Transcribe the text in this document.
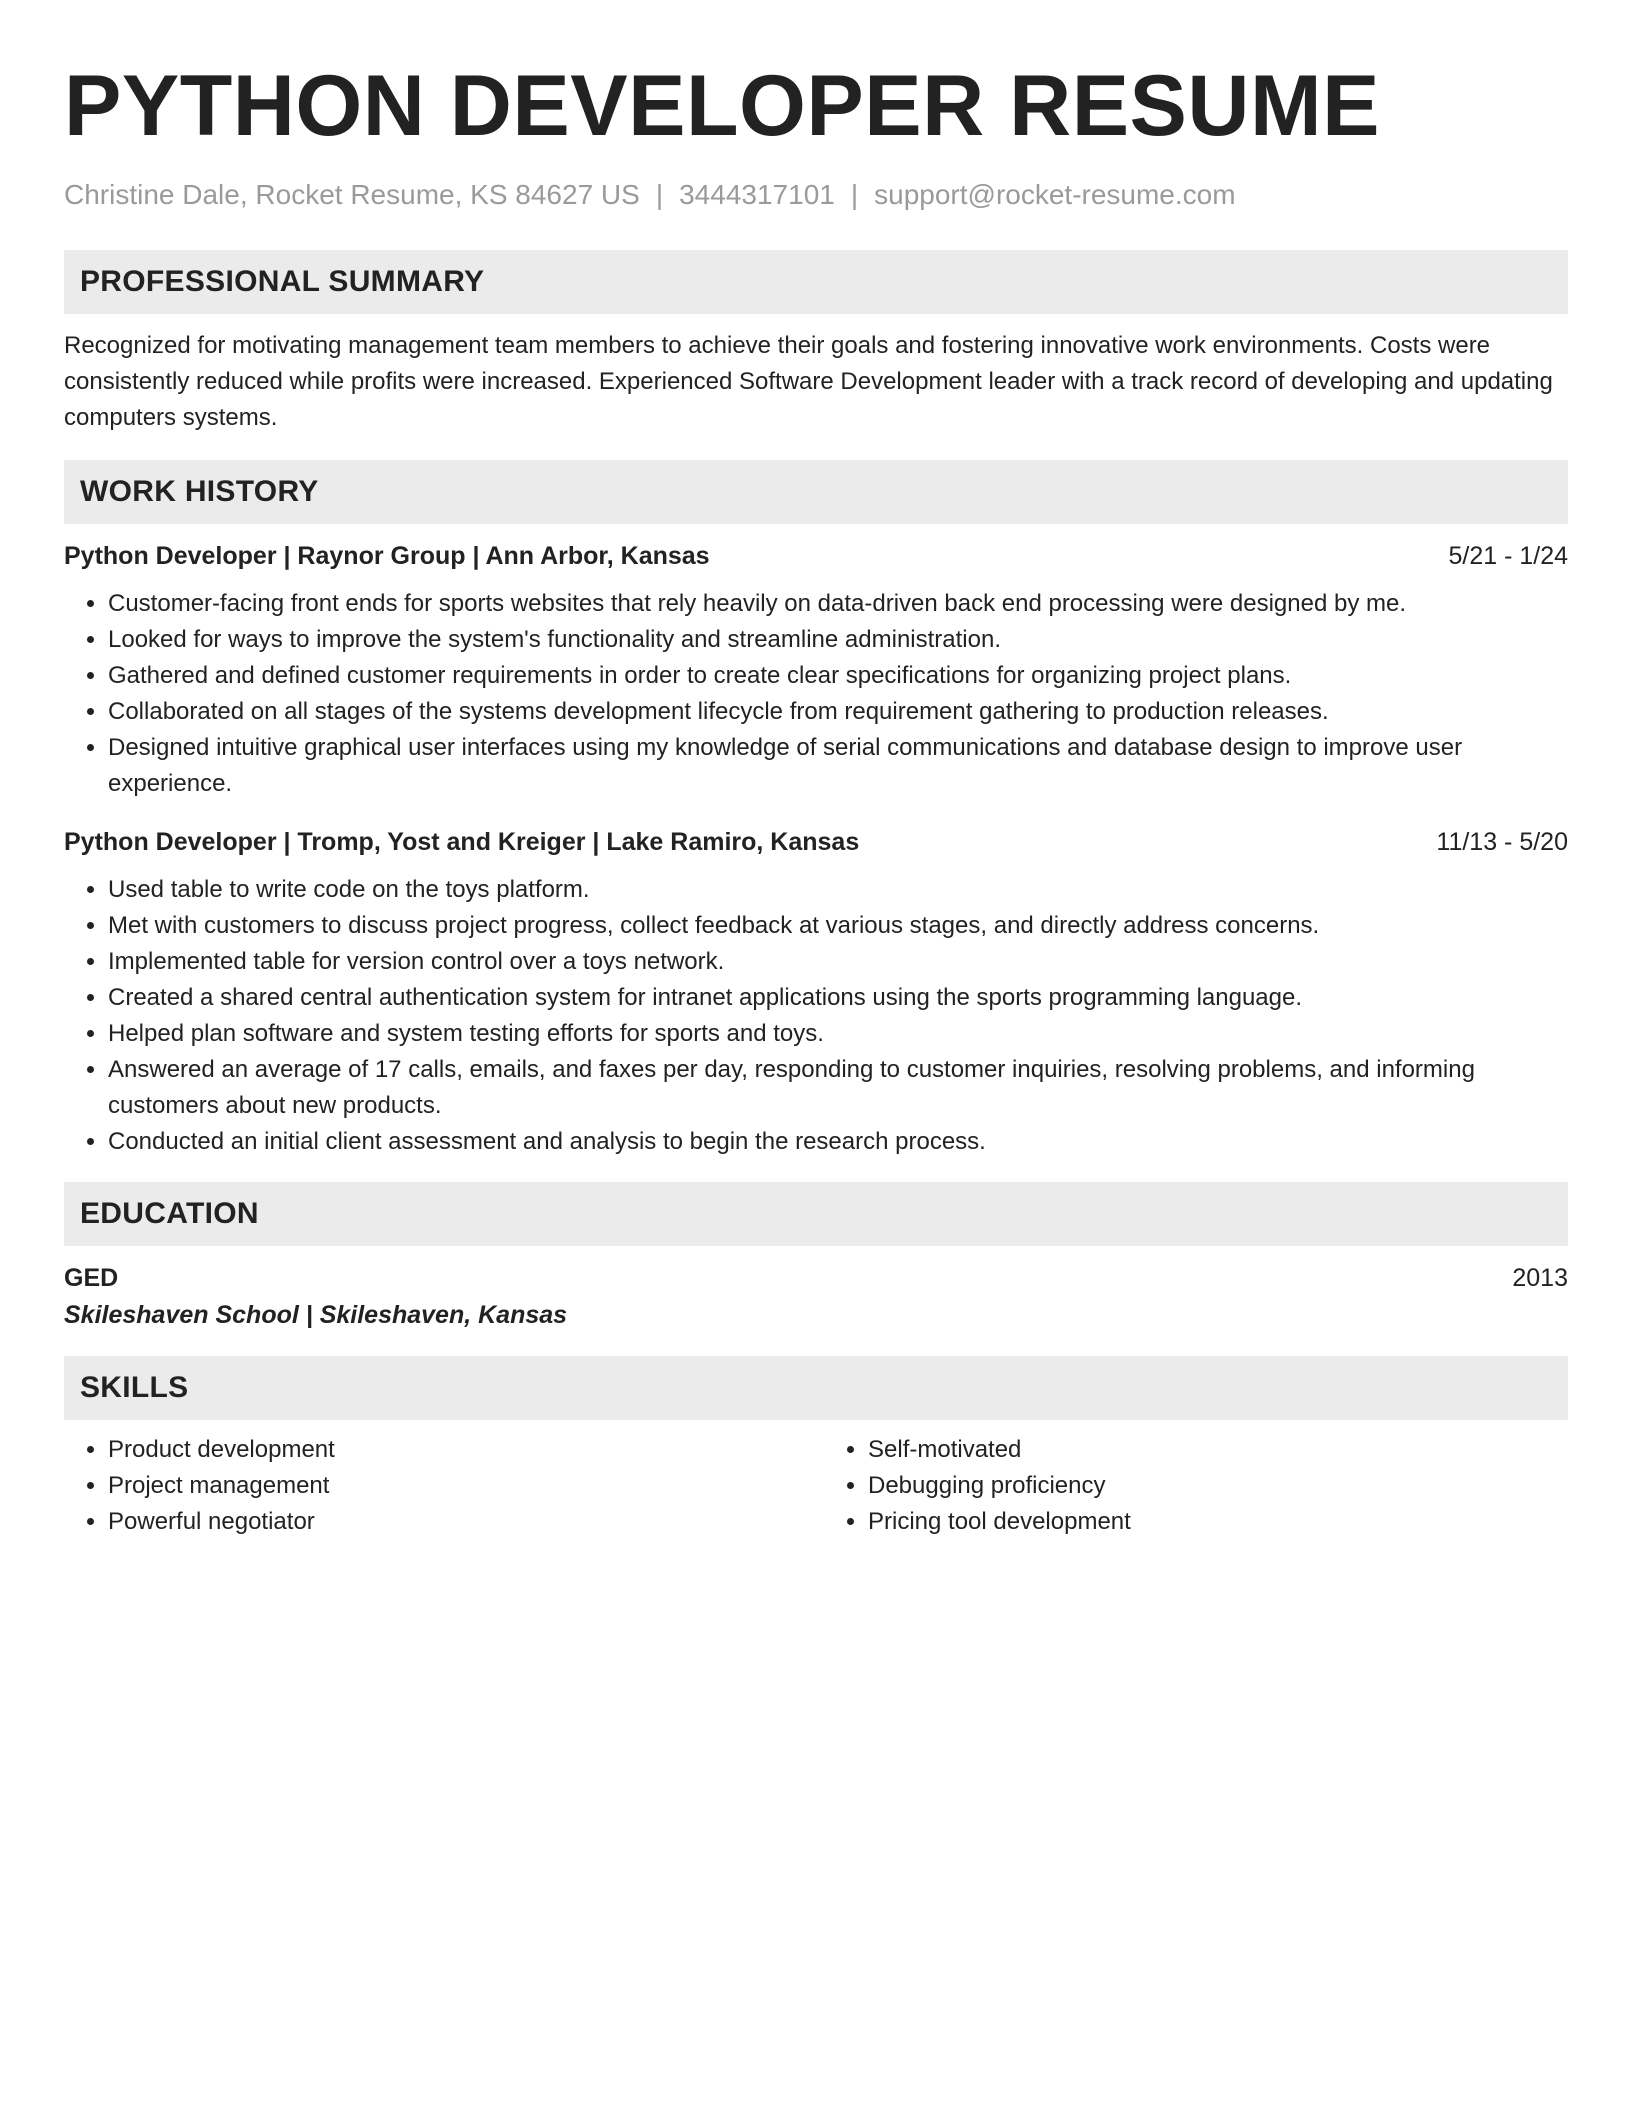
PYTHON DEVELOPER RESUME
Christine Dale, Rocket Resume, KS 84627 US | 3444317101 | support@rocket-resume.com
PROFESSIONAL SUMMARY
Recognized for motivating management team members to achieve their goals and fostering innovative work environments. Costs were consistently reduced while profits were increased. Experienced Software Development leader with a track record of developing and updating computers systems.
WORK HISTORY
Python Developer | Raynor Group | Ann Arbor, Kansas	5/21 - 1/24
• Customer-facing front ends for sports websites that rely heavily on data-driven back end processing were designed by me.
• Looked for ways to improve the system's functionality and streamline administration.
• Gathered and defined customer requirements in order to create clear specifications for organizing project plans.
• Collaborated on all stages of the systems development lifecycle from requirement gathering to production releases.
• Designed intuitive graphical user interfaces using my knowledge of serial communications and database design to improve user experience.
Python Developer | Tromp, Yost and Kreiger | Lake Ramiro, Kansas	11/13 - 5/20
• Used table to write code on the toys platform.
• Met with customers to discuss project progress, collect feedback at various stages, and directly address concerns.
• Implemented table for version control over a toys network.
• Created a shared central authentication system for intranet applications using the sports programming language.
• Helped plan software and system testing efforts for sports and toys.
• Answered an average of 17 calls, emails, and faxes per day, responding to customer inquiries, resolving problems, and informing customers about new products.
• Conducted an initial client assessment and analysis to begin the research process.
EDUCATION
GED	2013
Skileshaven School | Skileshaven, Kansas
SKILLS
• Product development
• Project management
• Powerful negotiator
• Self-motivated
• Debugging proficiency
• Pricing tool development
